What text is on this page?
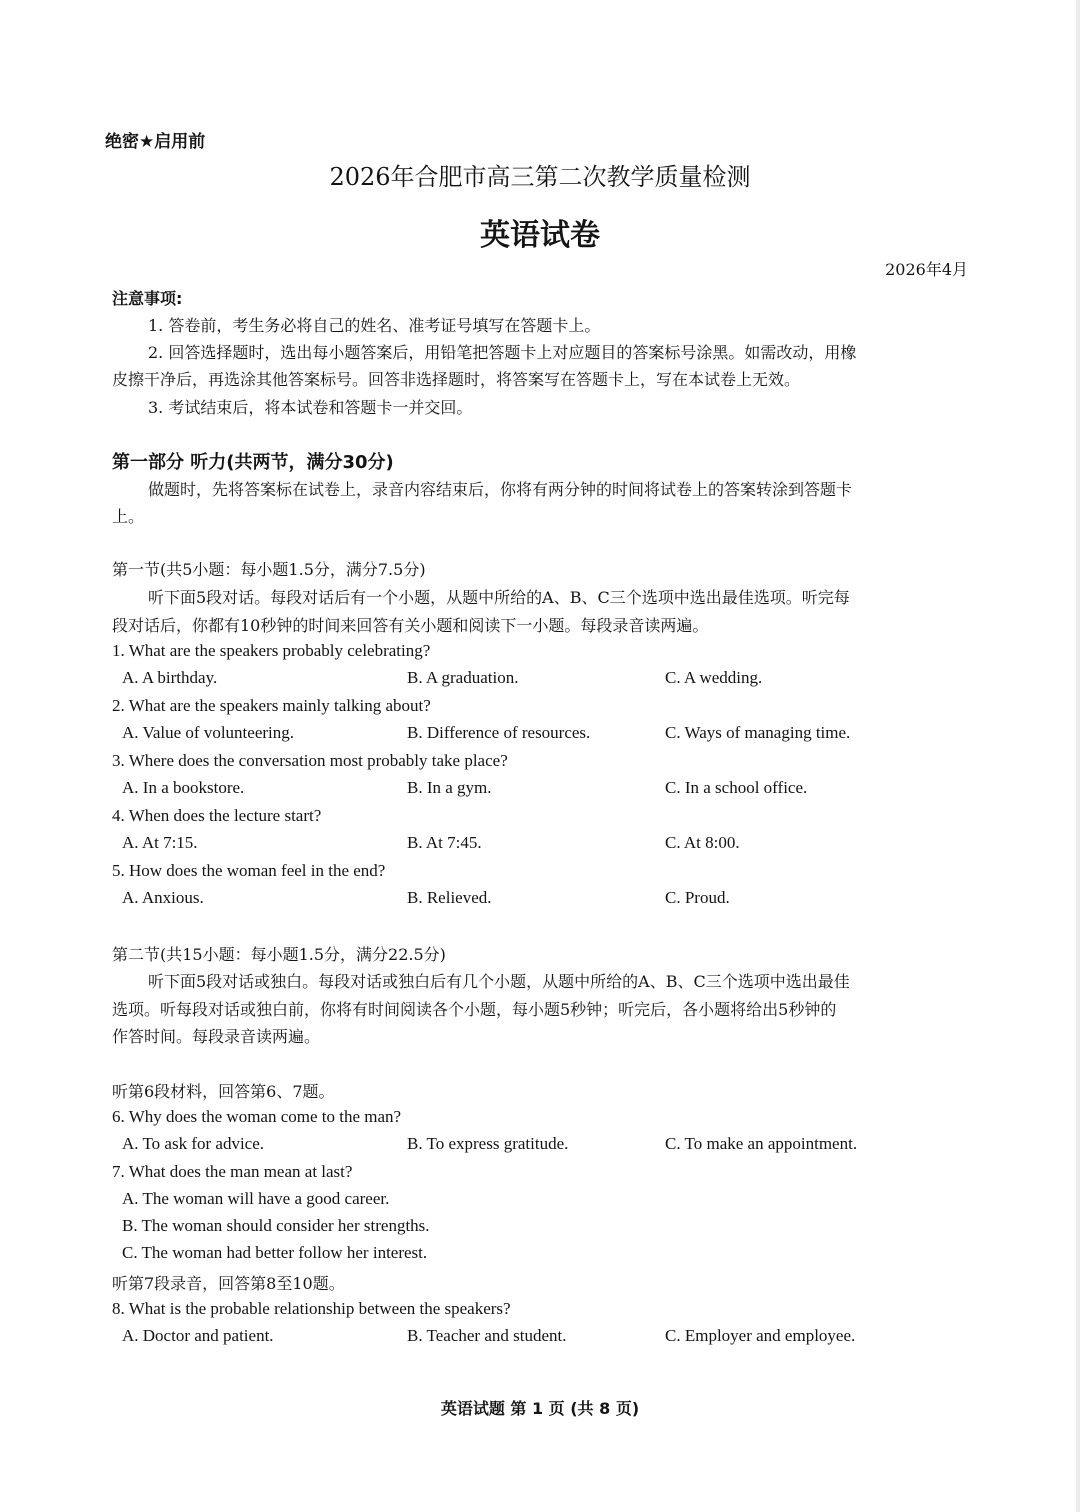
绝密★启用前
2026年合肥市高三第二次教学质量检测
英语试卷
2026年4月
注意事项:
1. 答卷前，考生务必将自己的姓名、准考证号填写在答题卡上。
2. 回答选择题时，选出每小题答案后，用铅笔把答题卡上对应题目的答案标号涂黑。如需改动，用橡
皮擦干净后，再选涂其他答案标号。回答非选择题时，将答案写在答题卡上，写在本试卷上无效。
3. 考试结束后，将本试卷和答题卡一并交回。
第一部分 听力(共两节，满分30分)
做题时，先将答案标在试卷上，录音内容结束后，你将有两分钟的时间将试卷上的答案转涂到答题卡
上。
第一节(共5小题：每小题1.5分，满分7.5分)
听下面5段对话。每段对话后有一个小题，从题中所给的A、B、C三个选项中选出最佳选项。听完每
段对话后，你都有10秒钟的时间来回答有关小题和阅读下一小题。每段录音读两遍。
1. What are the speakers probably celebrating?
A. A birthday.	B. A graduation.	C. A wedding.
2. What are the speakers mainly talking about?
A. Value of volunteering.	B. Difference of resources.	C. Ways of managing time.
3. Where does the conversation most probably take place?
A. In a bookstore.	B. In a gym.	C. In a school office.
4. When does the lecture start?
A. At 7:15.	B. At 7:45.	C. At 8:00.
5. How does the woman feel in the end?
A. Anxious.	B. Relieved.	C. Proud.
第二节(共15小题：每小题1.5分，满分22.5分)
听下面5段对话或独白。每段对话或独白后有几个小题，从题中所给的A、B、C三个选项中选出最佳
选项。听每段对话或独白前，你将有时间阅读各个小题，每小题5秒钟；听完后，各小题将给出5秒钟的
作答时间。每段录音读两遍。
听第6段材料，回答第6、7题。
6. Why does the woman come to the man?
A. To ask for advice.	B. To express gratitude.	C. To make an appointment.
7. What does the man mean at last?
A. The woman will have a good career.
B. The woman should consider her strengths.
C. The woman had better follow her interest.
听第7段录音，回答第8至10题。
8. What is the probable relationship between the speakers?
A. Doctor and patient.	B. Teacher and student.	C. Employer and employee.
英语试题 第 1 页 (共 8 页)
